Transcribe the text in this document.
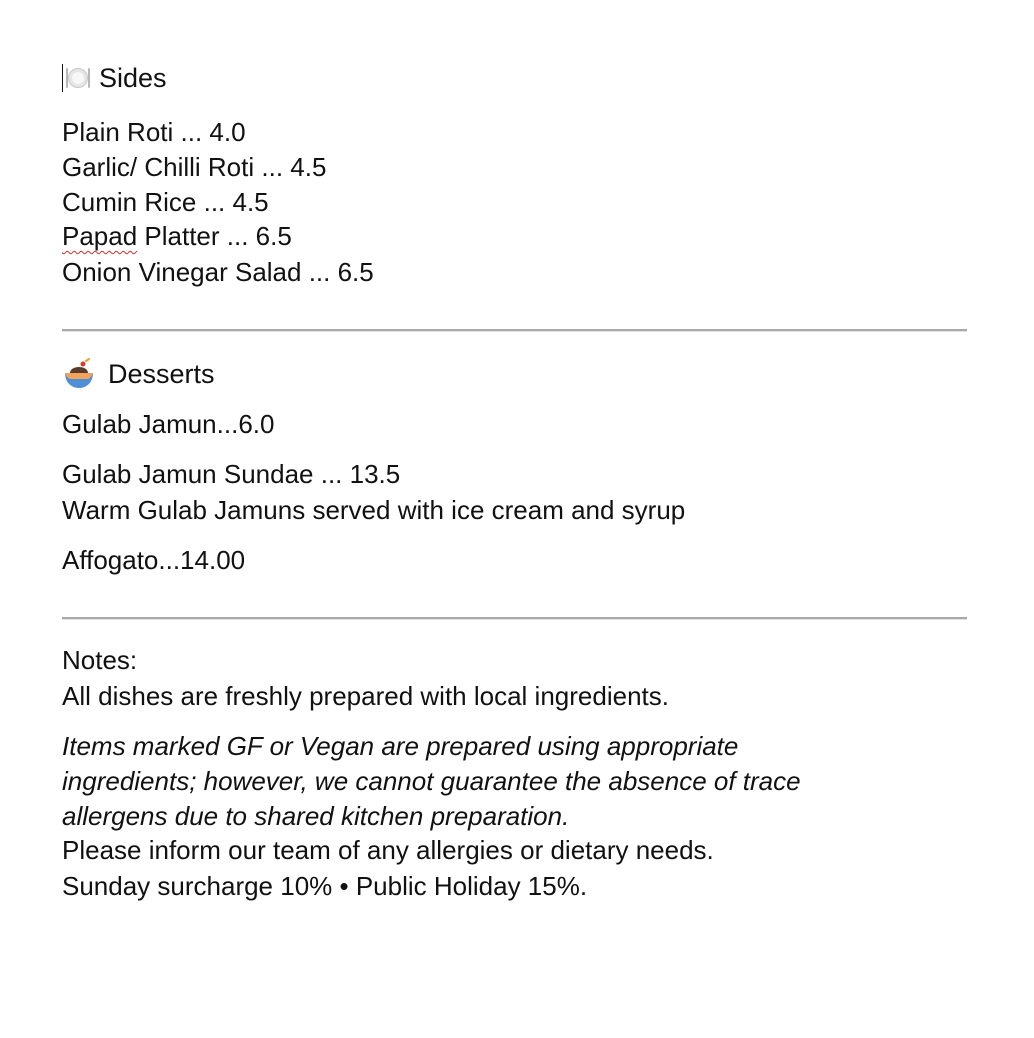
Sides
Plain Roti ... 4.0
Garlic/ Chilli Roti ... 4.5
Cumin Rice ... 4.5
Papad Platter ... 6.5
Onion Vinegar Salad ... 6.5
Desserts
Gulab Jamun...6.0
Gulab Jamun Sundae ... 13.5
Warm Gulab Jamuns served with ice cream and syrup
Affogato...14.00
Notes:
All dishes are freshly prepared with local ingredients.
Items marked GF or Vegan are prepared using appropriate
ingredients; however, we cannot guarantee the absence of trace
allergens due to shared kitchen preparation.
Please inform our team of any allergies or dietary needs.
Sunday surcharge 10% • Public Holiday 15%.
